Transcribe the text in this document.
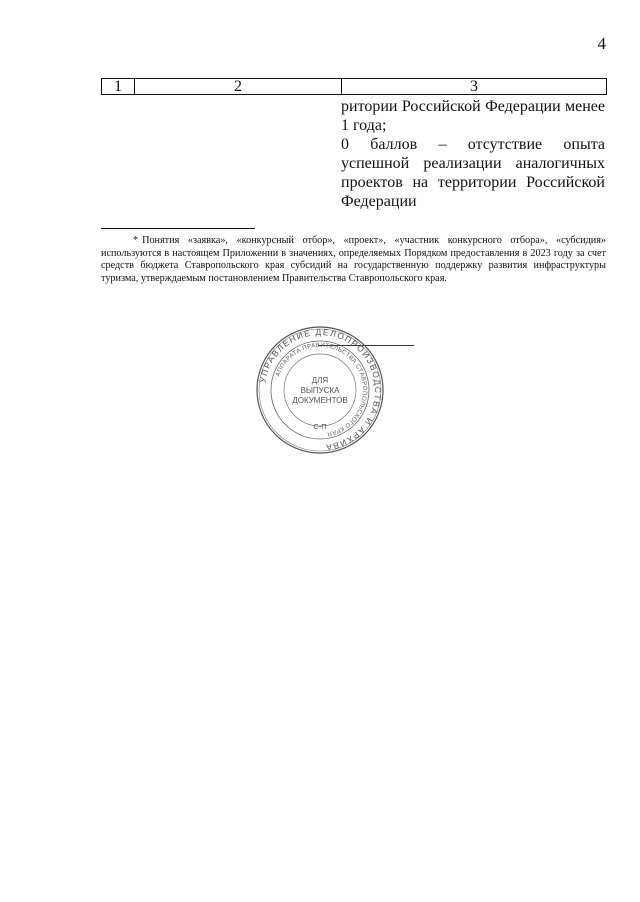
4
1	2	3

ритории Российской Федерации менее 1 года;

0 баллов – отсутствие опыта успешной реализации аналогичных проектов на территории Российской Федерации

* Понятия «заявка», «конкурсный отбор», «проект», «участник конкурсного отбора», «субсидия» используются в настоящем Приложении в значениях, определяемых Порядком предоставления в 2023 году за счет средств бюджета Ставропольского края субсидий на государственную поддержку развития инфраструктуры туризма, утверждаемым постановлением Правительства Ставропольского края.
УПРАВЛЕНИЕ ДЕЛОПРОИЗВОДСТВА И АРХИВА
АППАРАТА ПРАВИТЕЛЬСТВА СТАВРОПОЛЬСКОГО КРАЯ
ДЛЯ
ВЫПУСКА
ДОКУМЕНТОВ
С-П
